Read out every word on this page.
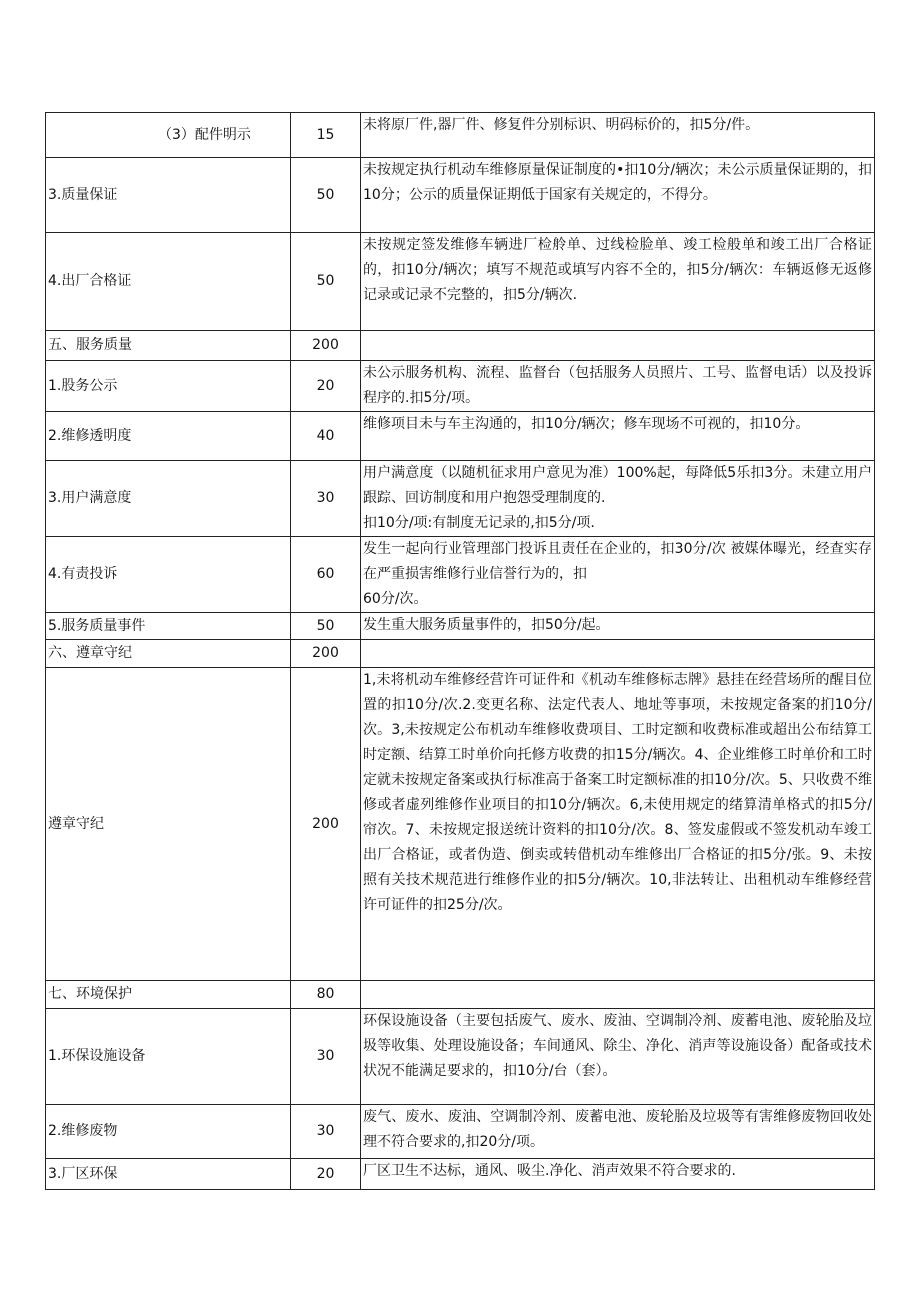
（3）配件明示	15	未将原厂件,器厂件、修复件分别标识、明码标价的，扣5分/件。

3.质量保证	50	未按规定执行机动车维修原量保证制度的•扣10分/辆次；未公示质量保证期的，扣10分；公示的质量保证期低于国家有关规定的，不得分。

4.出厂合格证	50	未按规定签发维修车辆进厂检舲单、过线检脸单、竣工检般单和竣工出厂合格证的，扣10分/辆次；填写不规范或填写内容不全的，扣5分/辆次：车辆返修无返修记录或记录不完整的，扣5分/辆次.

五、服务质量	200	
1.股务公示	20	未公示服务机构、流程、监督台（包括服务人员照片、工号、监督电话）以及投诉程序的.扣5分/项。

2.维修透明度	40	维修项目未与车主沟通的，扣10分/辆次；修车现场不可视的，扣10分。

3.用户满意度	30	用户满意度（以随机征求用户意见为准）100%起，每降低5乐扣3分。未建立用户跟踪、回访制度和用户抱怨受理制度的.
扣10分/项:有制度无记录的,扣5分/项.

4.有责投诉	60	发生一起向行业管理部门投诉且责任在企业的，扣30分/次 被媒体曝光，经查实存在严重损害维修行业信誉行为的，扣
60分/次。

5.服务质量事件	50	发生重大服务质量事件的，扣50分/起。

六、遵章守纪	200	
遵章守纪	200	1,未将机动车维修经营许可证件和《机动车维修标志牌》悬挂在经营场所的醒目位置的扣10分/次.2.变更名称、法定代表人、地址等事项，未按规定备案的扪10分/次。3,未按规定公布机动车维修收费项目、工时定额和收费标准或超出公布结算工时定额、结算工时单价向托修方收费的扣15分/辆次。4、企业维修工时单价和工时定就未按规定备案或执行标准高于备案工时定额标准的扣10分/次。5、只收费不维修或者虚列维修作业项目的扣10分/辆次。6,未使用规定的绪算清单格式的扣5分/帘次。7、未按规定报送统计资料的扣10分/次。8、签发虚假或不签发机动车竣工出厂合格证，或者伪造、倒卖或转借机动车维修出厂合格证的扣5分/张。9、未按照有关技术规范进行维修作业的扣5分/辆次。10,非法转让、出租机动车维修经营许可证件的扣25分/次。

七、环境保护	80	
1.环保设施设备	30	环保设施设备（主要包括废气、废水、废油、空调制冷剂、废蓄电池、废轮胎及垃圾等收集、处理设施设备；车间通风、除尘、净化、消声等设施设备）配备或技术状况不能满足要求的，扣10分/台（套）。

2.维修废物	30	废气、废水、废油、空调制冷剂、废蓄电池、废轮胎及垃圾等有害维修废物回收处理不符合要求的,扣20分/项。

3.厂区环保	20	厂区卫生不达标，通风、吸尘.净化、消声效果不符合要求的.
